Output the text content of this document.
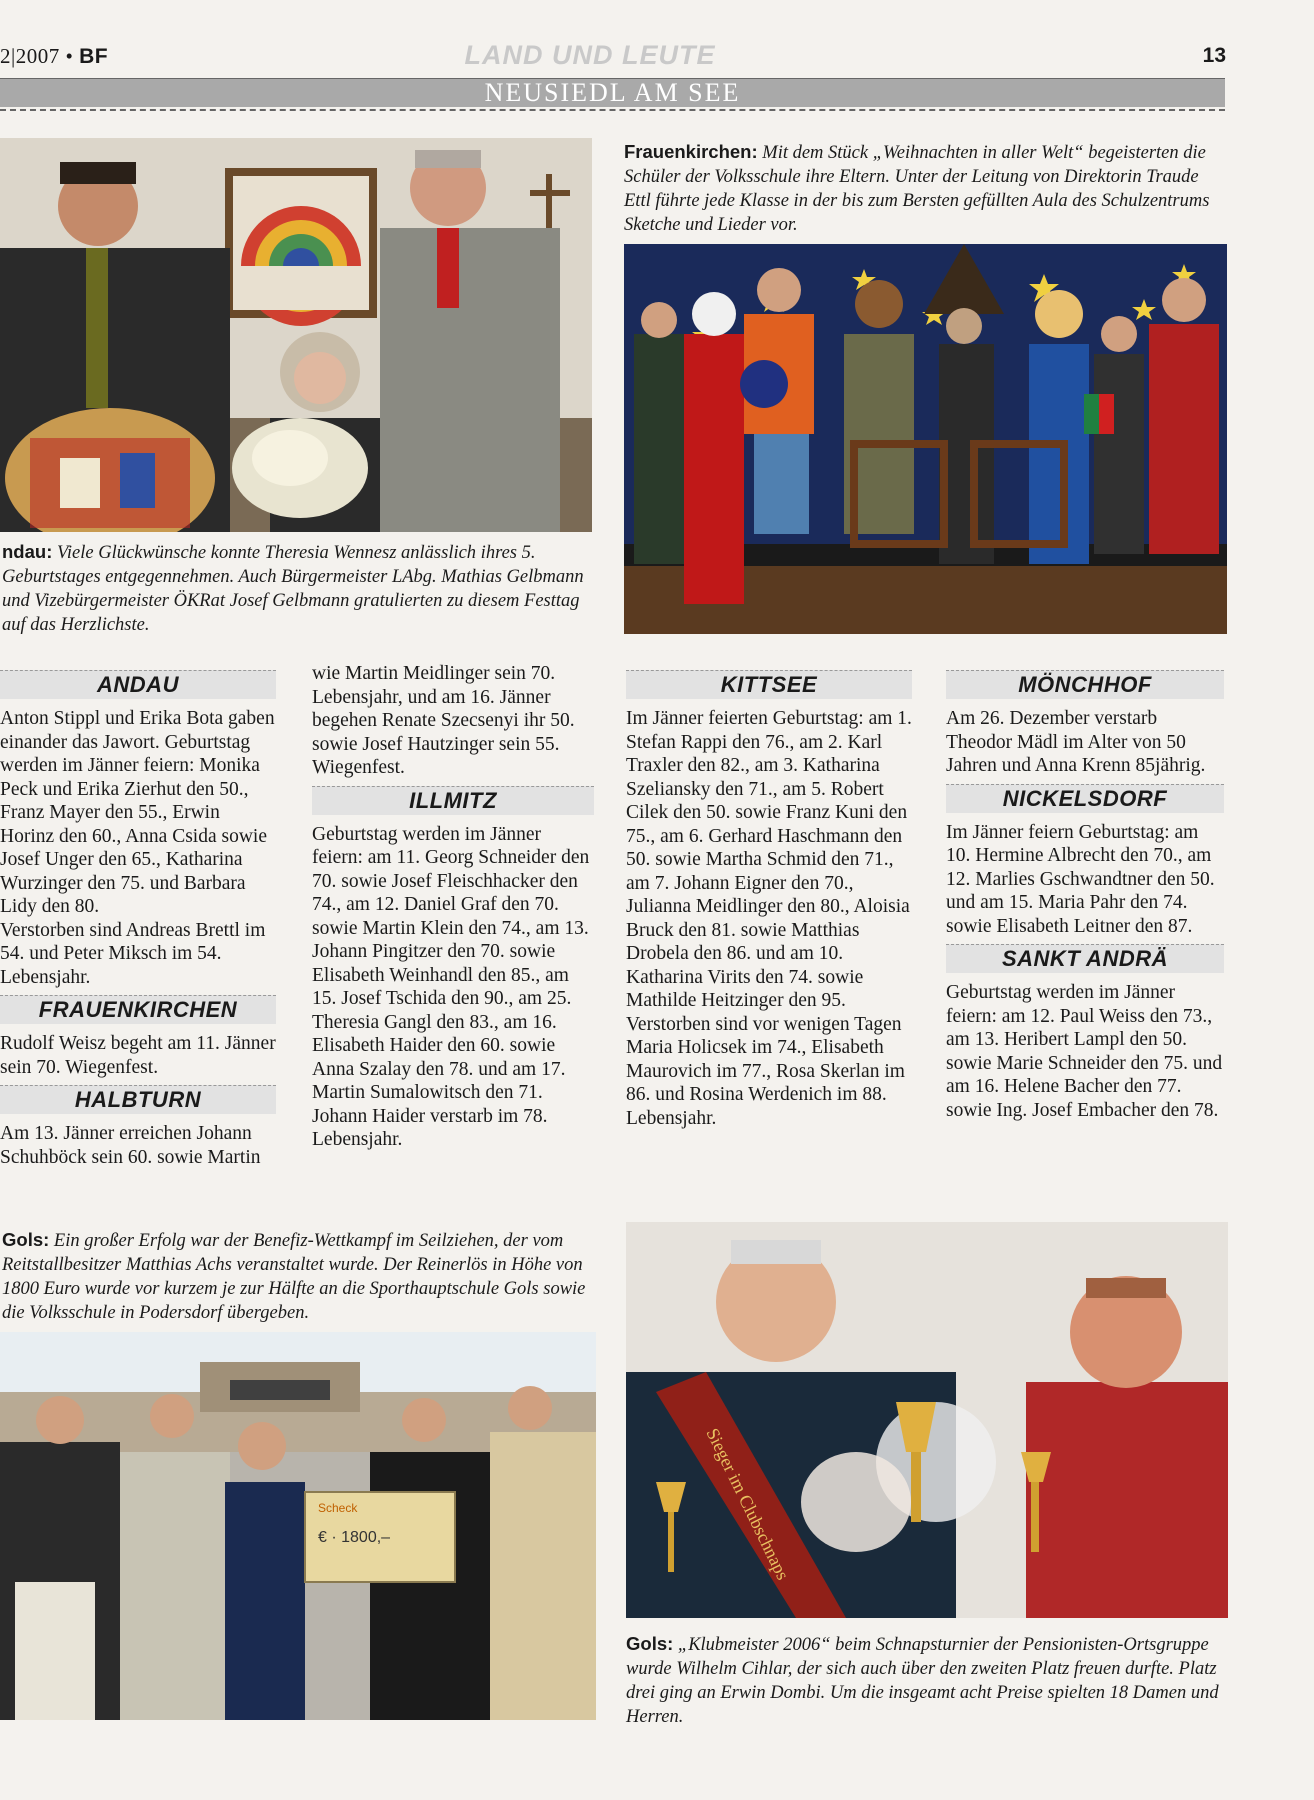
2|2007 • BF	LAND UND LEUTE	13
NEUSIEDL AM SEE
ndau: Viele Glückwünsche konnte Theresia Wennesz anlässlich ihres 5. Geburtstages entgegennehmen. Auch Bürgermeister LAbg. Mathias Gelbmann und Vizebürgermeister ÖKRat Josef Gelbmann gratulierten zu diesem Festtag auf das Herzlichste.
Frauenkirchen: Mit dem Stück „Weihnachten in aller Welt“ begeisterten die Schüler der Volksschule ihre Eltern. Unter der Leitung von Direktorin Traude Ettl führte jede Klasse in der bis zum Bersten gefüllten Aula des Schulzentrums Sketche und Lieder vor.
ANDAU

Anton Stippl und Erika Bota gaben einander das Jawort. Geburtstag werden im Jänner feiern: Monika Peck und Erika Zierhut den 50., Franz Mayer den 55., Erwin Horinz den 60., Anna Csida sowie Josef Unger den 65., Katharina Wurzinger den 75. und Barbara Lidy den 80.

Verstorben sind Andreas Brettl im 54. und Peter Miksch im 54. Lebensjahr.

FRAUENKIRCHEN

Rudolf Weisz begeht am 11. Jänner sein 70. Wiegenfest.

HALBTURN

Am 13. Jänner erreichen Johann Schuhböck sein 60. sowie Martin

wie Martin Meidlinger sein 70. Lebensjahr, und am 16. Jänner begehen Renate Szecsenyi ihr 50. sowie Josef Hautzinger sein 55. Wiegenfest.

ILLMITZ

Geburtstag werden im Jänner feiern: am 11. Georg Schneider den 70. sowie Josef Fleischhacker den 74., am 12. Daniel Graf den 70. sowie Martin Klein den 74., am 13. Johann Pingitzer den 70. sowie Elisabeth Weinhandl den 85., am 15. Josef Tschida den 90., am 25. Theresia Gangl den 83., am 16. Elisabeth Haider den 60. sowie Anna Szalay den 78. und am 17. Martin Sumalowitsch den 71.

Johann Haider verstarb im 78. Lebensjahr.

KITTSEE

Im Jänner feierten Geburtstag: am 1. Stefan Rappi den 76., am 2. Karl Traxler den 82., am 3. Katharina Szeliansky den 71., am 5. Robert Cilek den 50. sowie Franz Kuni den 75., am 6. Gerhard Haschmann den 50. sowie Martha Schmid den 71., am 7. Johann Eigner den 70., Julianna Meidlinger den 80., Aloisia Bruck den 81. sowie Matthias Drobela den 86. und am 10. Katharina Virits den 74. sowie Mathilde Heitzinger den 95.

Verstorben sind vor wenigen Tagen Maria Holicsek im 74., Elisabeth Maurovich im 77., Rosa Skerlan im 86. und Rosina Werdenich im 88. Lebensjahr.

MÖNCHHOF

Am 26. Dezember verstarb Theodor Mädl im Alter von 50 Jahren und Anna Krenn 85jährig.

NICKELSDORF

Im Jänner feiern Geburtstag: am 10. Hermine Albrecht den 70., am 12. Marlies Gschwandtner den 50. und am 15. Maria Pahr den 74. sowie Elisabeth Leitner den 87.

SANKT ANDRÄ

Geburtstag werden im Jänner feiern: am 12. Paul Weiss den 73., am 13. Heribert Lampl den 50. sowie Marie Schneider den 75. und am 16. Helene Bacher den 77. sowie Ing. Josef Embacher den 78.

Gols: Ein großer Erfolg war der Benefiz-Wettkampf im Seilziehen, der vom Reitstallbesitzer Matthias Achs veranstaltet wurde. Der Reinerlös in Höhe von 1800 Euro wurde vor kurzem je zur Hälfte an die Sporthauptschule Gols sowie die Volksschule in Podersdorf übergeben.
Scheck
€ · 1800,–	Sieger im Clubschnaps
Gols: „Klubmeister 2006“ beim Schnapsturnier der Pensionisten-Ortsgruppe wurde Wilhelm Cihlar, der sich auch über den zweiten Platz freuen durfte. Platz drei ging an Erwin Dombi. Um die insgeamt acht Preise spielten 18 Damen und Herren.
